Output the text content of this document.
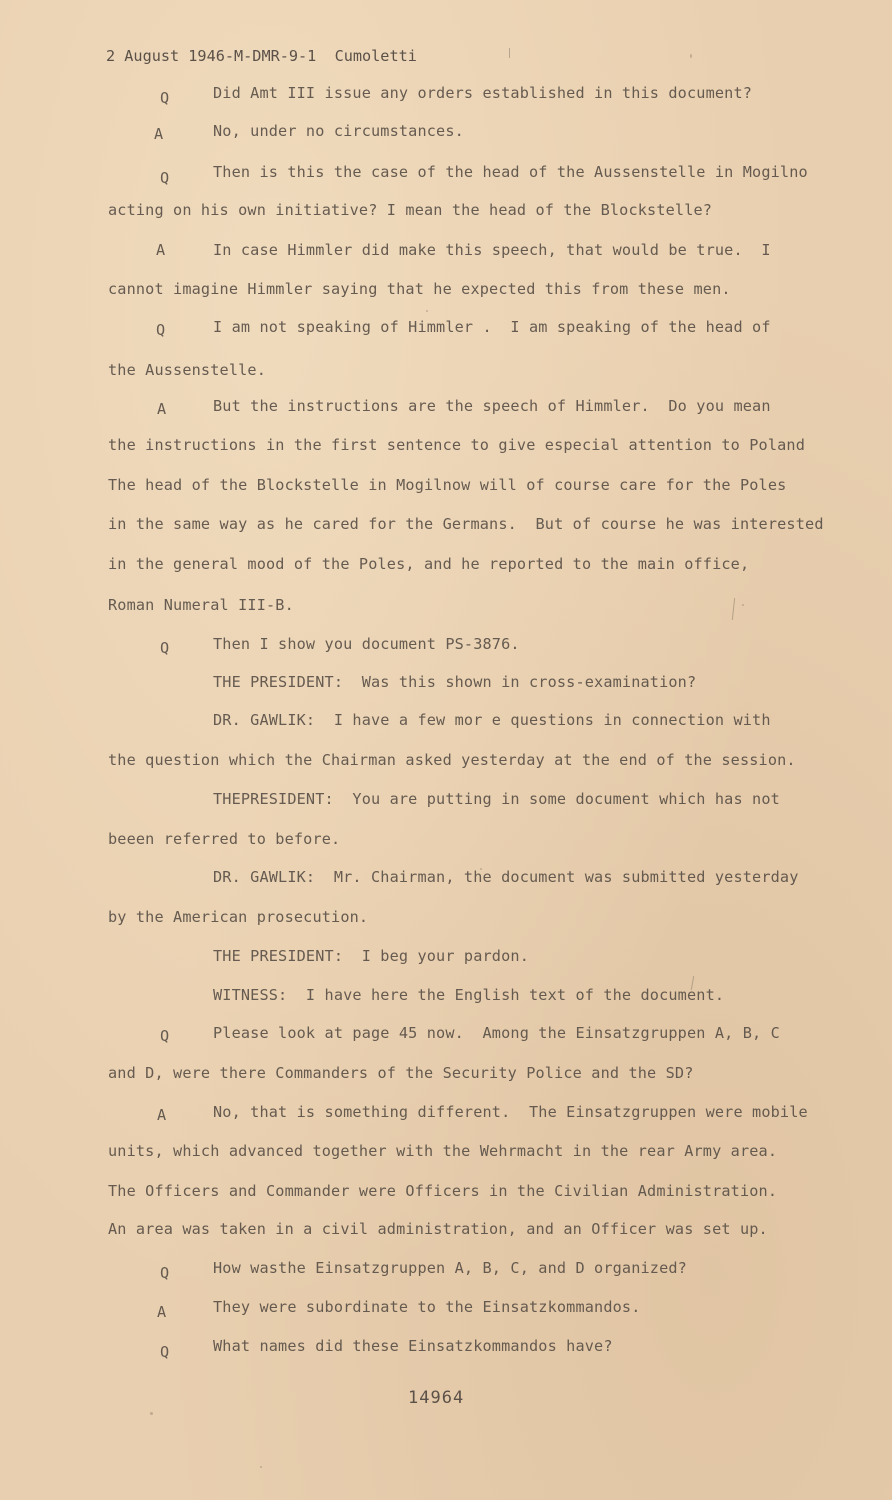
2 August 1946-M-DMR-9-1  Cumoletti
Q
A
Q
A
Q
A
Q
Q
A
Q
A
Q
Did Amt III issue any orders established in this document?
No, under no circumstances.
Then is this the case of the head of the Aussenstelle in Mogilno
acting on his own initiative? I mean the head of the Blockstelle?
In case Himmler did make this speech, that would be true.  I
cannot imagine Himmler saying that he expected this from these men.
I am not speaking of Himmler .  I am speaking of the head of
the Aussenstelle.
But the instructions are the speech of Himmler.  Do you mean
the instructions in the first sentence to give especial attention to Poland
The head of the Blockstelle in Mogilnow will of course care for the Poles
in the same way as he cared for the Germans.  But of course he was interested
in the general mood of the Poles, and he reported to the main office,
Roman Numeral III-B.
Then I show you document PS-3876.
THE PRESIDENT:  Was this shown in cross-examination?
DR. GAWLIK:  I have a few mor e questions in connection with
the question which the Chairman asked yesterday at the end of the session.
THEPRESIDENT:  You are putting in some document which has not
beeen referred to before.
DR. GAWLIK:  Mr. Chairman, the document was submitted yesterday
by the American prosecution.
THE PRESIDENT:  I beg your pardon.
WITNESS:  I have here the English text of the document.
Please look at page 45 now.  Among the Einsatzgruppen A, B, C
and D, were there Commanders of the Security Police and the SD?
No, that is something different.  The Einsatzgruppen were mobile
units, which advanced together with the Wehrmacht in the rear Army area.
The Officers and Commander were Officers in the Civilian Administration.
An area was taken in a civil administration, and an Officer was set up.
How wasthe Einsatzgruppen A, B, C, and D organized?
They were subordinate to the Einsatzkommandos.
What names did these Einsatzkommandos have?
14964
